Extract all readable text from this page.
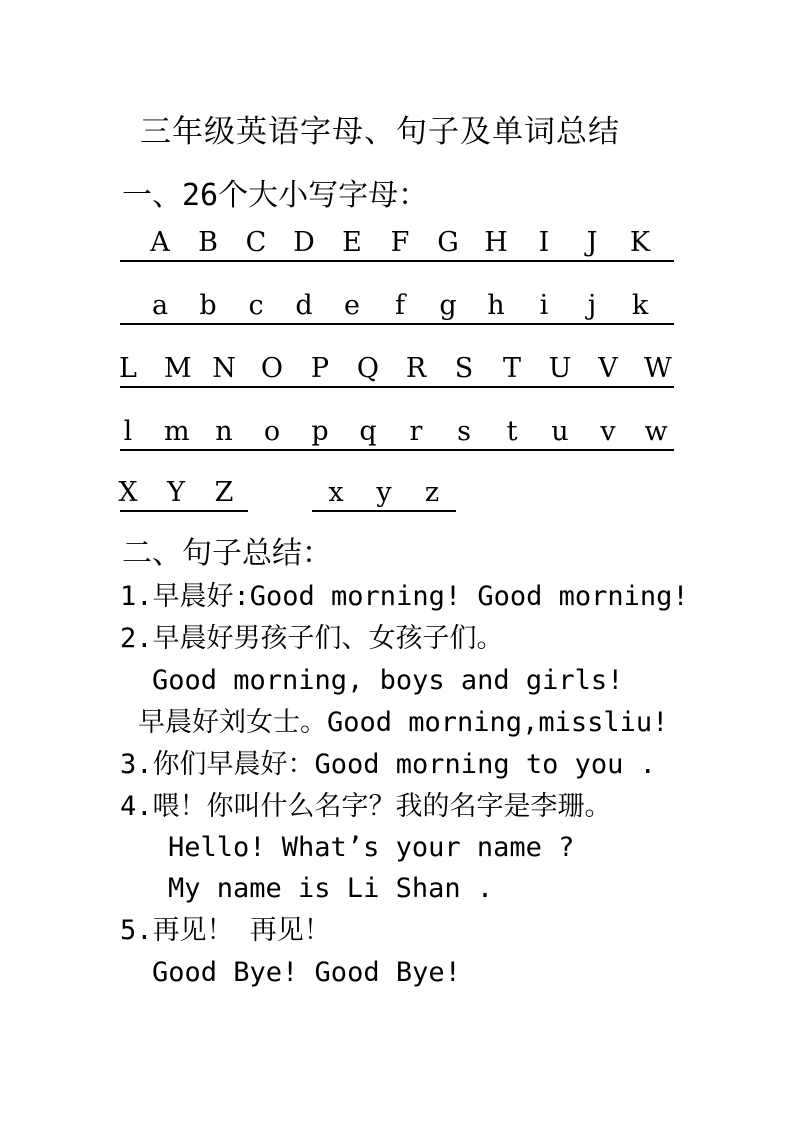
三年级英语字母、句子及单词总结
一、26个大小写字母：
A B C D E F G H I J K
a b c d e f g h i j k
L M N O P Q R S T U V W
l m n o p q r s t u v w
X Y Z	x y z
二、句子总结：
1.早晨好:Good morning! Good morning!
2.早晨好男孩子们、女孩子们。
Good morning, boys and girls!
早晨好刘女士。Good morning,missliu!
3.你们早晨好：Good morning to you .
4.喂！你叫什么名字？我的名字是李珊。
Hello! What’s your name ?
My name is Li Shan .
5.再见！ 再见！
Good Bye! Good Bye!
